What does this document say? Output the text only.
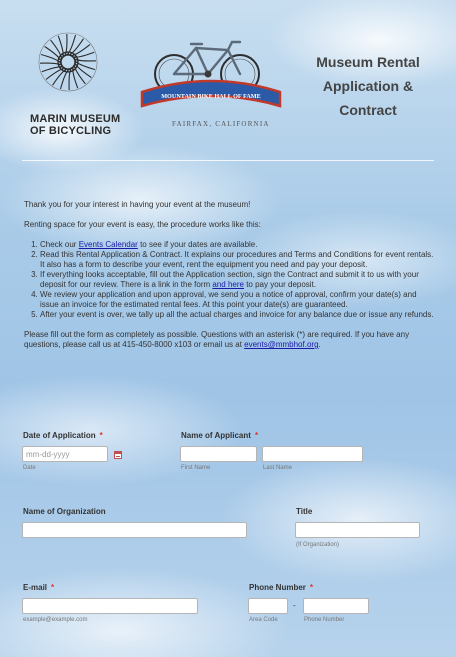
MARIN MUSEUM
OF BICYCLING
MOUNTAIN BIKE HALL OF FAME
FAIRFAX, CALIFORNIA
Museum Rental
Application &
Contract

Thank you for your interest in having your event at the museum!

Renting space for your event is easy, the procedure works like this:

1. Check our Events Calendar to see if your dates are available.
2. Read this Rental Application & Contract. It explains our procedures and Terms and Conditions for event rentals. It also has a form to describe your event, rent the equipment you need and pay your deposit.
3. If everything looks acceptable, fill out the Application section, sign the Contract and submit it to us with your deposit for our review. There is a link in the form and here to pay your deposit.
4. We review your application and upon approval, we send you a notice of approval, confirm your date(s) and issue an invoice for the estimated rental fees. At this point your date(s) are guaranteed.
5. After your event is over, we tally up all the actual charges and invoice for any balance due or issue any refunds.

Please fill out the form as completely as possible. Questions with an asterisk (*) are required. If you have any questions, please call us at 415-450-8000 x103 or email us at events@mmbhof.org.

Date of Application *
mm-dd-yyyy
Date
Name of Applicant *
First Name	Last Name
Name of Organization	Title
(If Organization)
E-mail *
example@example.com
Phone Number *
-
Area Code	Phone Number
